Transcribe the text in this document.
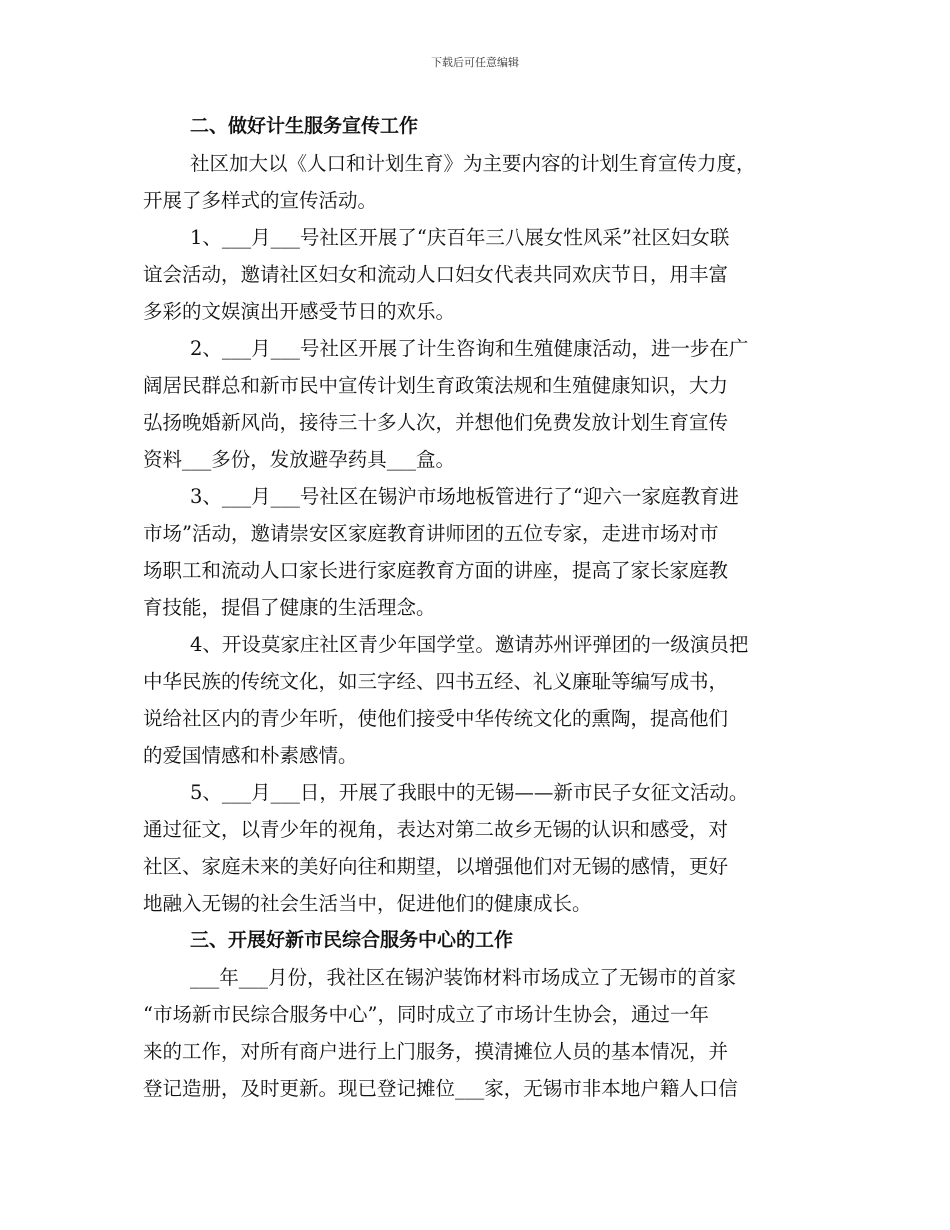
下载后可任意编辑
二、做好计生服务宣传工作
社区加大以《人口和计划生育》为主要内容的计划生育宣传力度，
开展了多样式的宣传活动。
1、___月___号社区开展了“庆百年三八展女性风采”社区妇女联
谊会活动，邀请社区妇女和流动人口妇女代表共同欢庆节日，用丰富
多彩的文娱演出开感受节日的欢乐。
2、___月___号社区开展了计生咨询和生殖健康活动，进一步在广
阔居民群总和新市民中宣传计划生育政策法规和生殖健康知识，大力
弘扬晚婚新风尚，接待三十多人次，并想他们免费发放计划生育宣传
资料___多份，发放避孕药具___盒。
3、___月___号社区在锡沪市场地板管进行了“迎六一家庭教育进
市场”活动，邀请崇安区家庭教育讲师团的五位专家，走进市场对市
场职工和流动人口家长进行家庭教育方面的讲座，提高了家长家庭教
育技能，提倡了健康的生活理念。
4、开设莫家庄社区青少年国学堂。邀请苏州评弹团的一级演员把
中华民族的传统文化，如三字经、四书五经、礼义廉耻等编写成书，
说给社区内的青少年听，使他们接受中华传统文化的熏陶，提高他们
的爱国情感和朴素感情。
5、___月___日，开展了我眼中的无锡——新市民子女征文活动。
通过征文，以青少年的视角，表达对第二故乡无锡的认识和感受，对
社区、家庭未来的美好向往和期望，以增强他们对无锡的感情，更好
地融入无锡的社会生活当中，促进他们的健康成长。
三、开展好新市民综合服务中心的工作
___年___月份，我社区在锡沪装饰材料市场成立了无锡市的首家
“市场新市民综合服务中心”，同时成立了市场计生协会，通过一年
来的工作，对所有商户进行上门服务，摸清摊位人员的基本情况，并
登记造册，及时更新。现已登记摊位___家，无锡市非本地户籍人口信
